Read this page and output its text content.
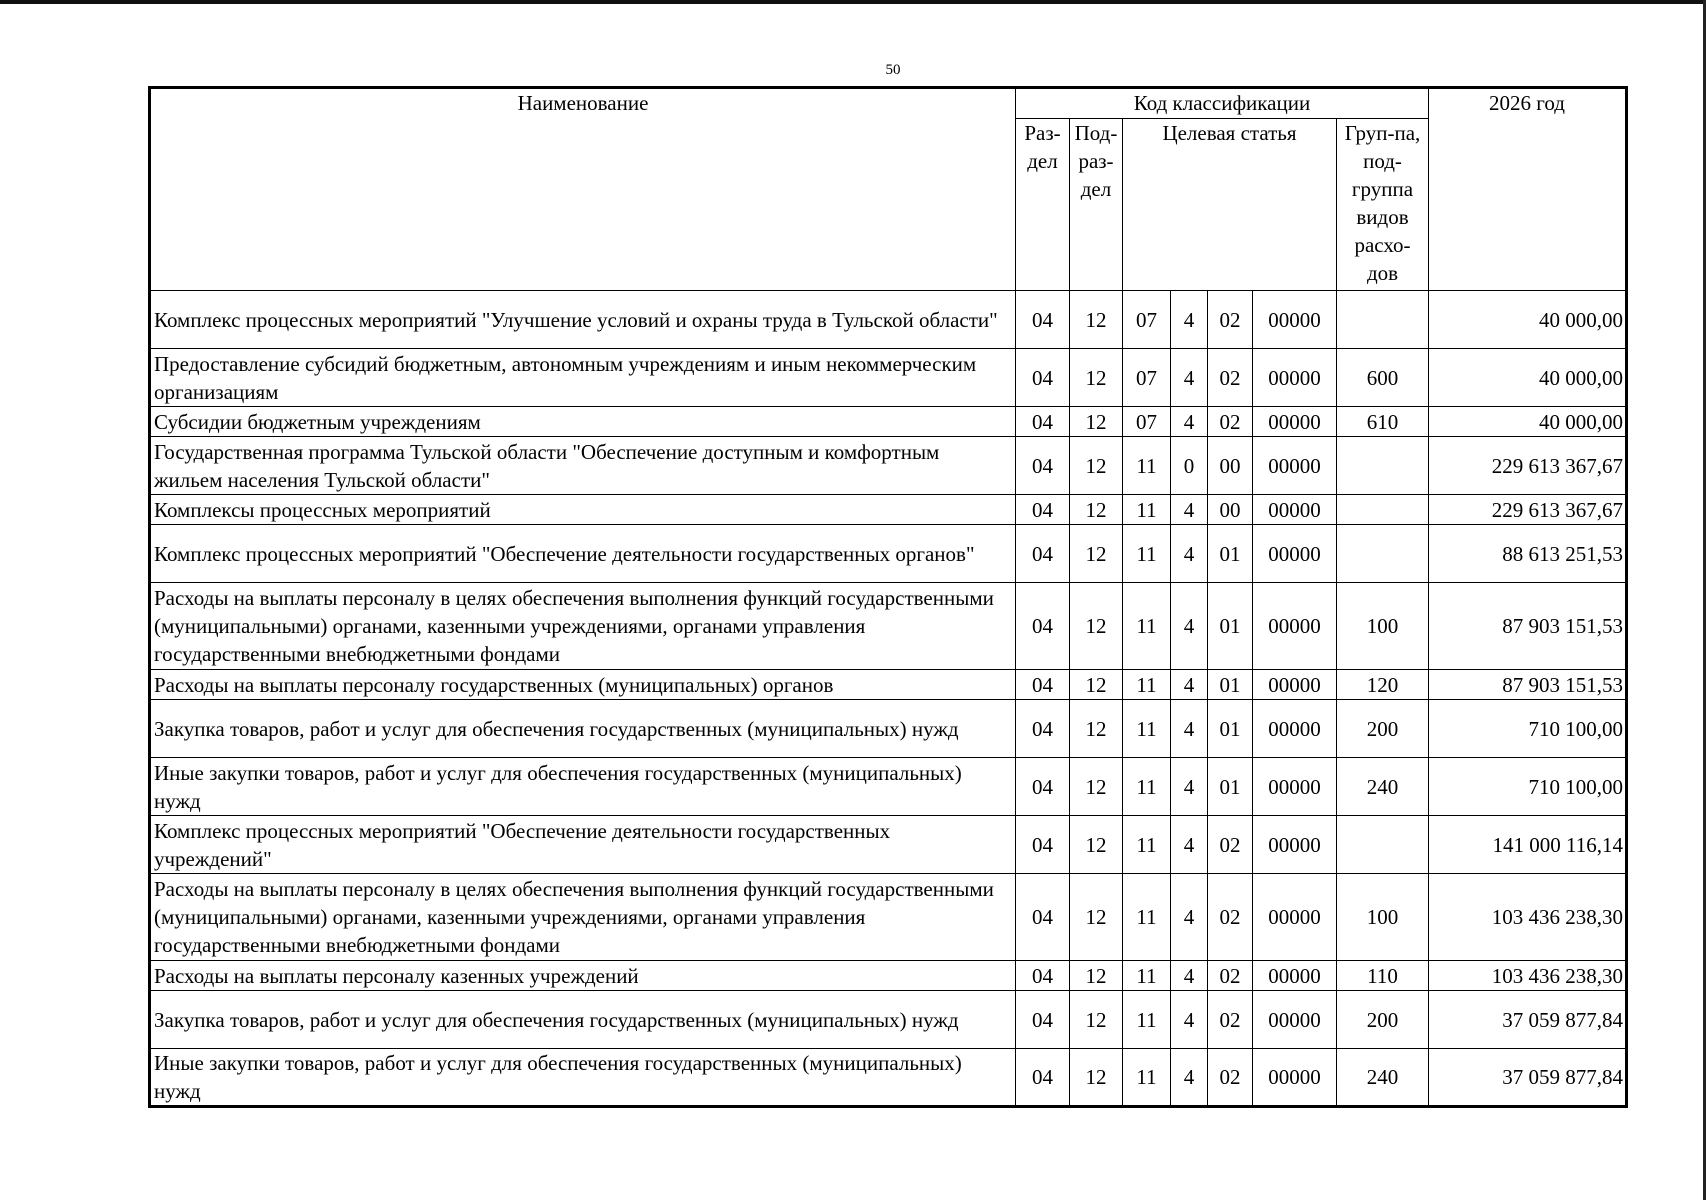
50
Наименование	Код классификации							2026 год
	Раз-дел	Под-раз-дел	Целевая статья				Груп-па, под-группа видов расхо-дов	
Комплекс процессных мероприятий "Улучшение условий и охраны труда в Тульской области"	04	12	07	4	02	00000		40 000,00
Предоставление субсидий бюджетным, автономным учреждениям и иным некоммерческим организациям	04	12	07	4	02	00000	600	40 000,00
Субсидии бюджетным учреждениям	04	12	07	4	02	00000	610	40 000,00
Государственная программа Тульской области "Обеспечение доступным и комфортным жильем населения Тульской области"	04	12	11	0	00	00000		229 613 367,67
Комплексы процессных мероприятий	04	12	11	4	00	00000		229 613 367,67
Комплекс процессных мероприятий "Обеспечение деятельности государственных органов"	04	12	11	4	01	00000		88 613 251,53
Расходы на выплаты персоналу в целях обеспечения выполнения функций государственными (муниципальными) органами, казенными учреждениями, органами управления государственными внебюджетными фондами	04	12	11	4	01	00000	100	87 903 151,53
Расходы на выплаты персоналу государственных (муниципальных) органов	04	12	11	4	01	00000	120	87 903 151,53
Закупка товаров, работ и услуг для обеспечения государственных (муниципальных) нужд	04	12	11	4	01	00000	200	710 100,00
Иные закупки товаров, работ и услуг для обеспечения государственных (муниципальных) нужд	04	12	11	4	01	00000	240	710 100,00
Комплекс процессных мероприятий "Обеспечение деятельности государственных учреждений"	04	12	11	4	02	00000		141 000 116,14
Расходы на выплаты персоналу в целях обеспечения выполнения функций государственными (муниципальными) органами, казенными учреждениями, органами управления государственными внебюджетными фондами	04	12	11	4	02	00000	100	103 436 238,30
Расходы на выплаты персоналу казенных учреждений	04	12	11	4	02	00000	110	103 436 238,30
Закупка товаров, работ и услуг для обеспечения государственных (муниципальных) нужд	04	12	11	4	02	00000	200	37 059 877,84
Иные закупки товаров, работ и услуг для обеспечения государственных (муниципальных) нужд	04	12	11	4	02	00000	240	37 059 877,84
